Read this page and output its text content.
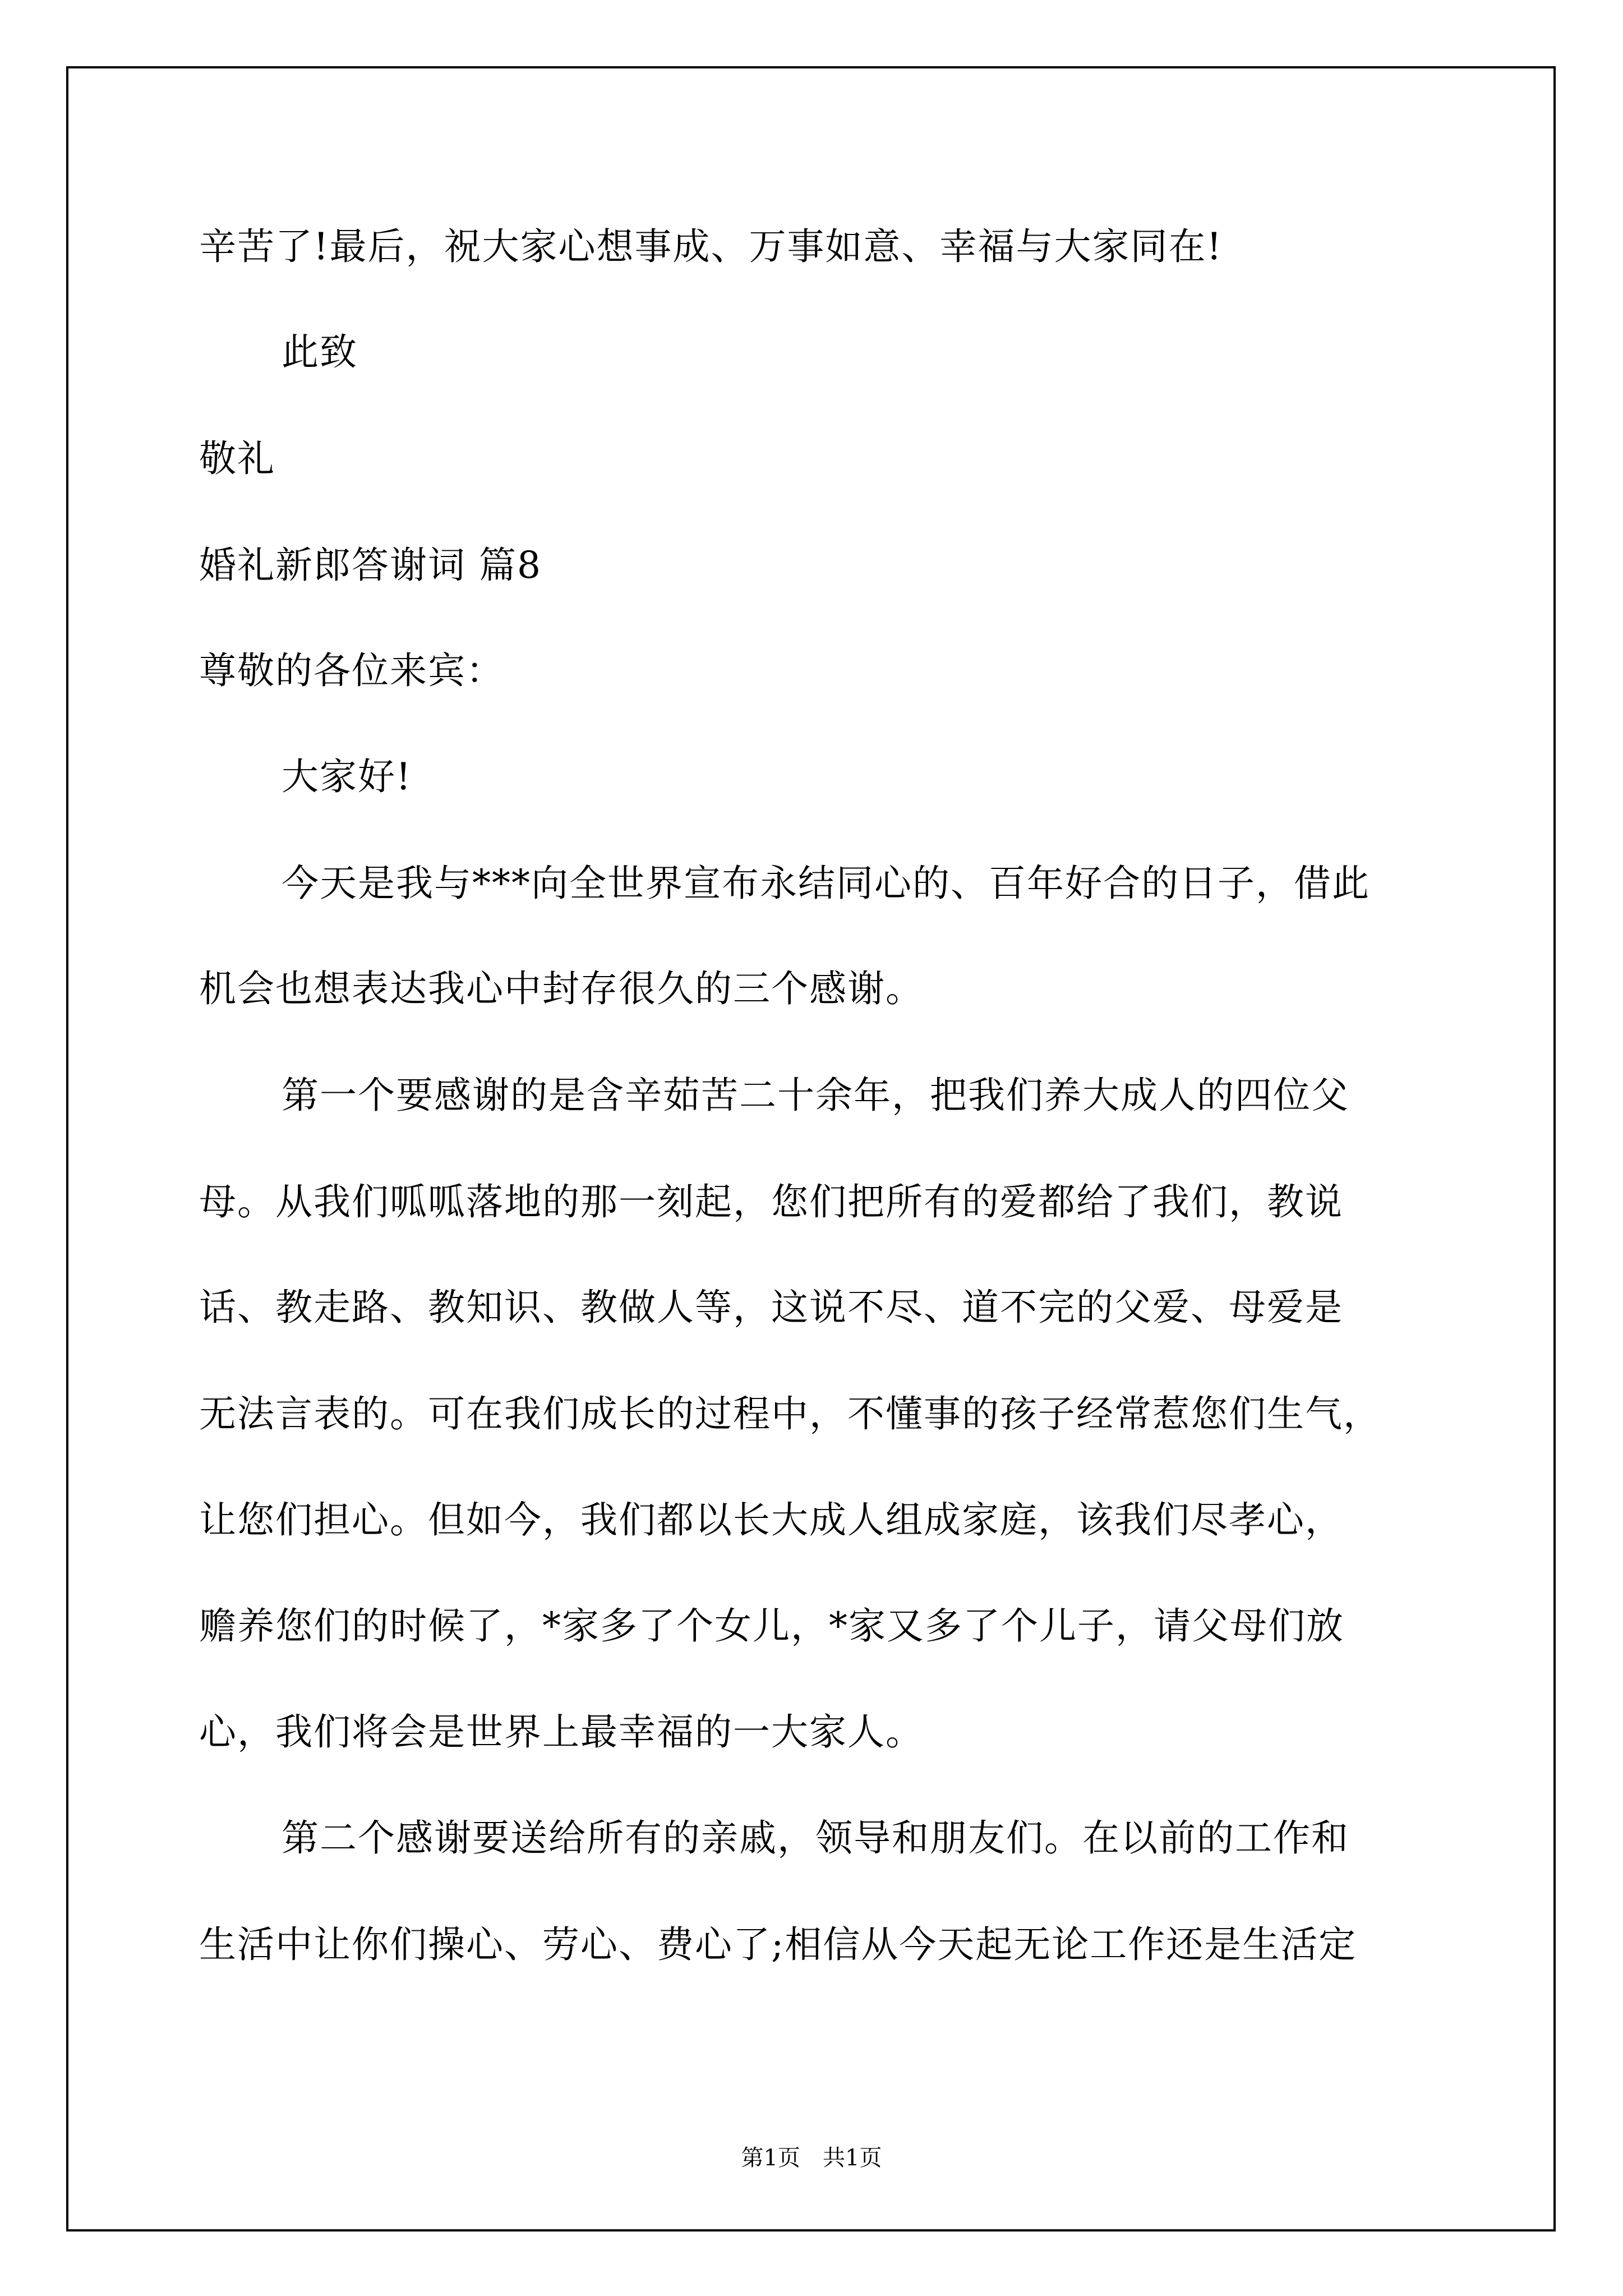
辛苦了!最后，祝大家心想事成、万事如意、幸福与大家同在!
此致
敬礼
婚礼新郎答谢词 篇8
尊敬的各位来宾：
大家好!
今天是我与***向全世界宣布永结同心的、百年好合的日子，借此
机会也想表达我心中封存很久的三个感谢。
第一个要感谢的是含辛茹苦二十余年，把我们养大成人的四位父
母。从我们呱呱落地的那一刻起，您们把所有的爱都给了我们，教说
话、教走路、教知识、教做人等，这说不尽、道不完的父爱、母爱是
无法言表的。可在我们成长的过程中，不懂事的孩子经常惹您们生气，
让您们担心。但如今，我们都以长大成人组成家庭，该我们尽孝心，
赡养您们的时候了，*家多了个女儿，*家又多了个儿子，请父母们放
心，我们将会是世界上最幸福的一大家人。
第二个感谢要送给所有的亲戚，领导和朋友们。在以前的工作和
生活中让你们操心、劳心、费心了;相信从今天起无论工作还是生活定
第1页 共1页
